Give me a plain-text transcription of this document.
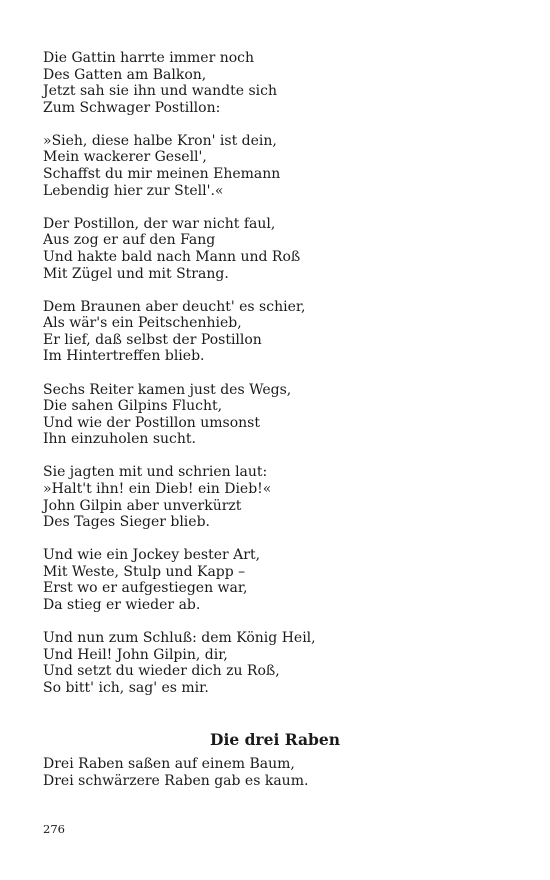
Die Gattin harrte immer noch
Des Gatten am Balkon,
Jetzt sah sie ihn und wandte sich
Zum Schwager Postillon:
»Sieh, diese halbe Kron' ist dein,
Mein wackerer Gesell',
Schaffst du mir meinen Ehemann
Lebendig hier zur Stell'.«
Der Postillon, der war nicht faul,
Aus zog er auf den Fang
Und hakte bald nach Mann und Roß
Mit Zügel und mit Strang.
Dem Braunen aber deucht' es schier,
Als wär's ein Peitschenhieb,
Er lief, daß selbst der Postillon
Im Hintertreffen blieb.
Sechs Reiter kamen just des Wegs,
Die sahen Gilpins Flucht,
Und wie der Postillon umsonst
Ihn einzuholen sucht.
Sie jagten mit und schrien laut:
»Halt't ihn! ein Dieb! ein Dieb!«
John Gilpin aber unverkürzt
Des Tages Sieger blieb.
Und wie ein Jockey bester Art,
Mit Weste, Stulp und Kapp –
Erst wo er aufgestiegen war,
Da stieg er wieder ab.
Und nun zum Schluß: dem König Heil,
Und Heil! John Gilpin, dir,
Und setzt du wieder dich zu Roß,
So bitt' ich, sag' es mir.
Die drei Raben
Drei Raben saßen auf einem Baum,
Drei schwärzere Raben gab es kaum.
276
